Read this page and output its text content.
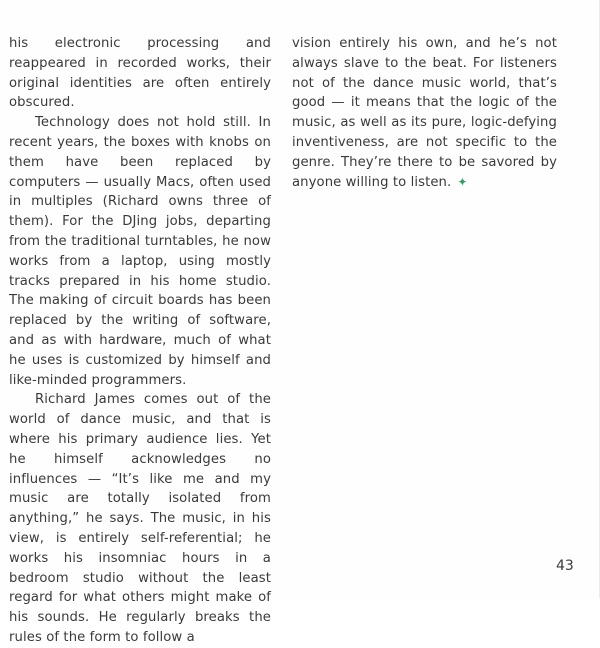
his electronic processing and reappeared in recorded works, their original identities are often entirely obscured.

Technology does not hold still. In recent years, the boxes with knobs on them have been replaced by computers — usually Macs, often used in multiples (Richard owns three of them). For the DJing jobs, departing from the traditional turntables, he now works from a laptop, using mostly tracks prepared in his home studio. The making of circuit boards has been replaced by the writing of software, and as with hardware, much of what he uses is customized by himself and like-minded programmers.

Richard James comes out of the world of dance music, and that is where his primary audience lies. Yet he himself acknowledges no influences — “It’s like me and my music are totally isolated from anything,” he says. The music, in his view, is entirely self-referential; he works his insomniac hours in a bedroom studio without the least regard for what others might make of his sounds. He regularly breaks the rules of the form to follow a

vision entirely his own, and he’s not always slave to the beat. For listeners not of the dance music world, that’s good — it means that the logic of the music, as well as its pure, logic-defying inventiveness, are not specific to the genre. They’re there to be savored by anyone willing to listen. ✦

43
